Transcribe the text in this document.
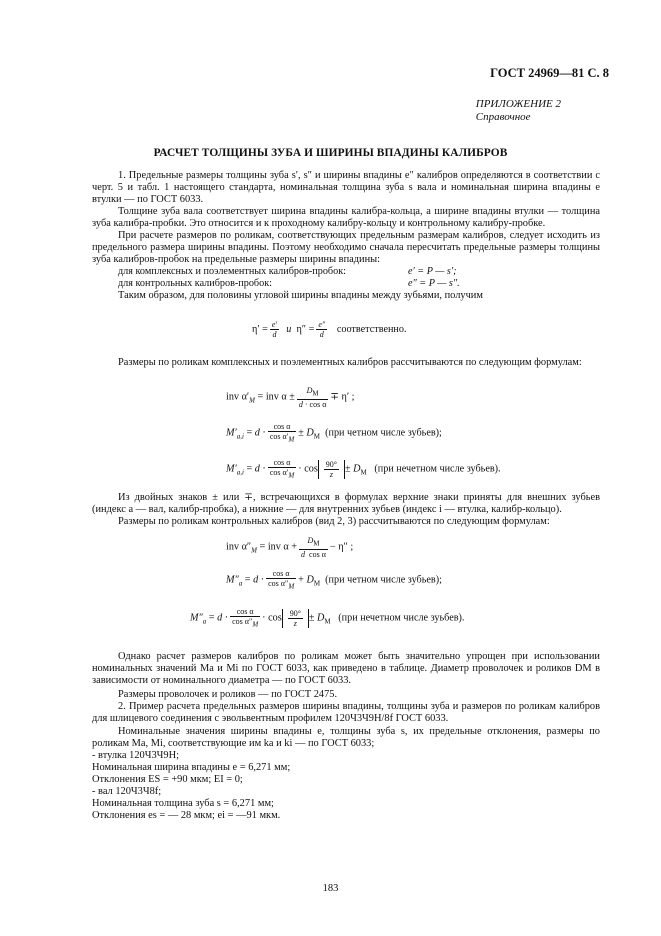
ГОСТ 24969—81 С. 8
ПРИЛОЖЕНИЕ 2
Справочное
РАСЧЕТ ТОЛЩИНЫ ЗУБА И ШИРИНЫ ВПАДИНЫ КАЛИБРОВ
1. Предельные размеры толщины зуба s′, s″ и ширины впадины e″ калибров определяются в соответствии с черт. 5 и табл. 1 настоящего стандарта, номинальная толщина зуба s вала и номинальная ширина впадины e втулки — по ГОСТ 6033.
Толщине зуба вала соответствует ширина впадины калибра-кольца, а ширине впадины втулки — толщина зуба калибра-пробки. Это относится и к проходному калибру-кольцу и контрольному калибру-пробке.
При расчете размеров по роликам, соответствующих предельным размерам калибров, следует исходить из предельного размера ширины впадины. Поэтому необходимо сначала пересчитать предельные размеры толщины зуба калибров-пробок на предельные размеры ширины впадины:
для комплексных и поэлементных калибров-пробок:	e′ = P — s′;
для контрольных калибров-пробок:	e″ = P — s″.
Таким образом, для половины угловой ширины впадины между зубьями, получим
$\eta' = \frac{e'}{d}$ и  $\eta'' = \frac{e''}{d}$ соответственно.
Размеры по роликам комплексных и поэлементных калибров рассчитываются по следующим формулам:
inv $\alpha'_M$ = inv $\alpha \pm \frac{D_M}{\text{d · cos α}} \mp \eta'$ ;
$M'_{a,i} = d \cdot \frac{\text{cos α}}{\cos \alpha'_M} \pm D_M$ (при четном числе зубьев);
$M'_{a,i} = d \cdot \frac{\text{cos α}}{\cos \alpha'_M} \cdot \cos \frac{90^\circ}{z} \pm D_M$ (при нечетном числе зубьев).
Из двойных знаков ± или ∓, встречающихся в формулах верхние знаки приняты для внешних зубьев (индекс a — вал, калибр-пробка), а нижние — для внутренних зубьев (индекс i — втулка, калибр-кольцо).
Размеры по роликам контрольных калибров (вид 2, 3) рассчитываются по следующим формулам:
inv $\alpha''_M$ = inv $\alpha + \frac{D_M}{\text{d  cos α}} - \eta''$ ;
$M''_a = d \cdot \frac{\text{cos α}}{\cos \alpha''_M} + D_M$ (при четном числе зубьев);
$M''_a = d \cdot \frac{\text{cos α}}{\cos \alpha''_M} \cdot \cos \frac{90^\circ}{z} \pm D_M$ (при нечетном числе зуьбев).
Однако расчет размеров калибров по роликам может быть значительно упрощен при использовании номинальных значений Ma и Mi по ГОСТ 6033, как приведено в таблице. Диаметр проволочек и роликов DM в зависимости от номинального диаметра — по ГОСТ 6033.
Размеры проволочек и роликов — по ГОСТ 2475.
2. Пример расчета предельных размеров ширины впадины, толщины зуба и размеров по роликам калибров для шлицевого соединения с эвольвентным профилем 120Ч3Ч9Н/8f ГОСТ 6033.
Номинальные значения ширины впадины e, толщины зуба s, их предельные отклонения, размеры по роликам Ma, Mi, соответствующие им ka и ki — по ГОСТ 6033;
- втулка 120Ч3Ч9Н;
Номинальная ширина впадины e = 6,271 мм;
Отклонения ES = +90 мкм; EI = 0;
- вал 120Ч3Ч8f;
Номинальная толщина зуба s = 6,271 мм;
Отклонения es = — 28 мкм; ei = —91 мкм.
183
